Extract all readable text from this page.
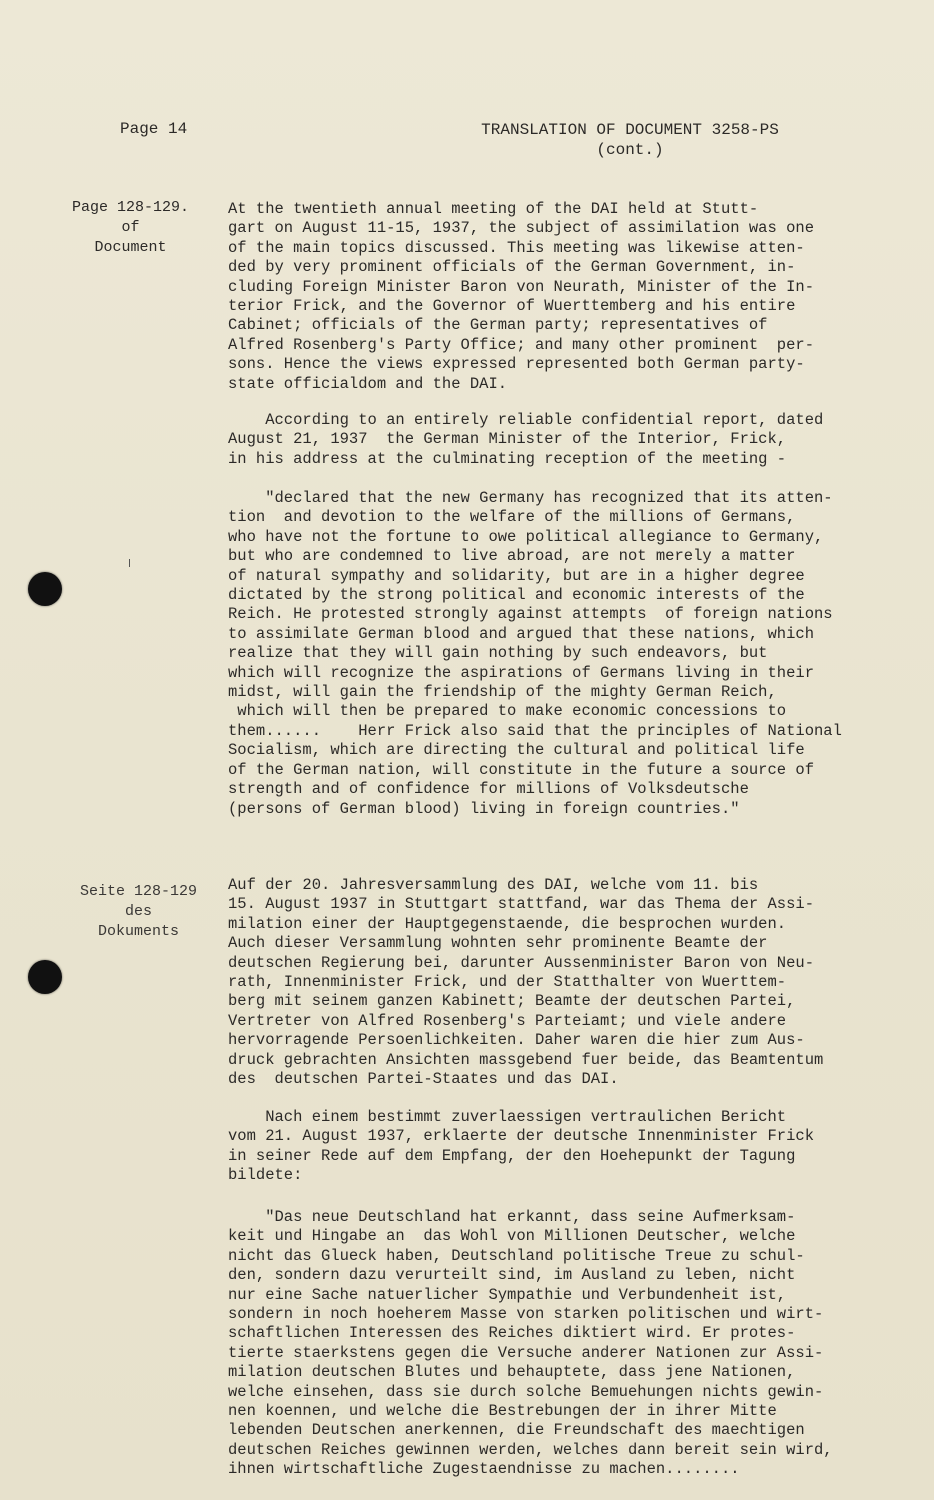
Page 14	TRANSLATION OF DOCUMENT 3258-PS
(cont.)
Page 128-129.
of
Document
At the twentieth annual meeting of the DAI held at Stutt-
gart on August 11-15, 1937, the subject of assimilation was one
of the main topics discussed. This meeting was likewise atten-
ded by very prominent officials of the German Government, in-
cluding Foreign Minister Baron von Neurath, Minister of the In-
terior Frick, and the Governor of Wuerttemberg and his entire
Cabinet; officials of the German party; representatives of
Alfred Rosenberg's Party Office; and many other prominent  per-
sons. Hence the views expressed represented both German party-
state officialdom and the DAI.
According to an entirely reliable confidential report, dated
August 21, 1937  the German Minister of the Interior, Frick,
in his address at the culminating reception of the meeting -
"declared that the new Germany has recognized that its atten-
tion  and devotion to the welfare of the millions of Germans,
who have not the fortune to owe political allegiance to Germany,
but who are condemned to live abroad, are not merely a matter
of natural sympathy and solidarity, but are in a higher degree
dictated by the strong political and economic interests of the
Reich. He protested strongly against attempts  of foreign nations
to assimilate German blood and argued that these nations, which
realize that they will gain nothing by such endeavors, but
which will recognize the aspirations of Germans living in their
midst, will gain the friendship of the mighty German Reich,
which will then be prepared to make economic concessions to
them......    Herr Frick also said that the principles of National
Socialism, which are directing the cultural and political life
of the German nation, will constitute in the future a source of
strength and of confidence for millions of Volksdeutsche
(persons of German blood) living in foreign countries."
Seite 128-129
des
Dokuments
Auf der 20. Jahresversammlung des DAI, welche vom 11. bis
15. August 1937 in Stuttgart stattfand, war das Thema der Assi-
milation einer der Hauptgegenstaende, die besprochen wurden.
Auch dieser Versammlung wohnten sehr prominente Beamte der
deutschen Regierung bei, darunter Aussenminister Baron von Neu-
rath, Innenminister Frick, und der Statthalter von Wuerttem-
berg mit seinem ganzen Kabinett; Beamte der deutschen Partei,
Vertreter von Alfred Rosenberg's Parteiamt; und viele andere
hervorragende Persoenlichkeiten. Daher waren die hier zum Aus-
druck gebrachten Ansichten massgebend fuer beide, das Beamtentum
des  deutschen Partei-Staates und das DAI.
Nach einem bestimmt zuverlaessigen vertraulichen Bericht
vom 21. August 1937, erklaerte der deutsche Innenminister Frick
in seiner Rede auf dem Empfang, der den Hoehepunkt der Tagung
bildete:
"Das neue Deutschland hat erkannt, dass seine Aufmerksam-
keit und Hingabe an  das Wohl von Millionen Deutscher, welche
nicht das Glueck haben, Deutschland politische Treue zu schul-
den, sondern dazu verurteilt sind, im Ausland zu leben, nicht
nur eine Sache natuerlicher Sympathie und Verbundenheit ist,
sondern in noch hoeherem Masse von starken politischen und wirt-
schaftlichen Interessen des Reiches diktiert wird. Er protes-
tierte staerkstens gegen die Versuche anderer Nationen zur Assi-
milation deutschen Blutes und behauptete, dass jene Nationen,
welche einsehen, dass sie durch solche Bemuehungen nichts gewin-
nen koennen, und welche die Bestrebungen der in ihrer Mitte
lebenden Deutschen anerkennen, die Freundschaft des maechtigen
deutschen Reiches gewinnen werden, welches dann bereit sein wird,
ihnen wirtschaftliche Zugestaendnisse zu machen........
